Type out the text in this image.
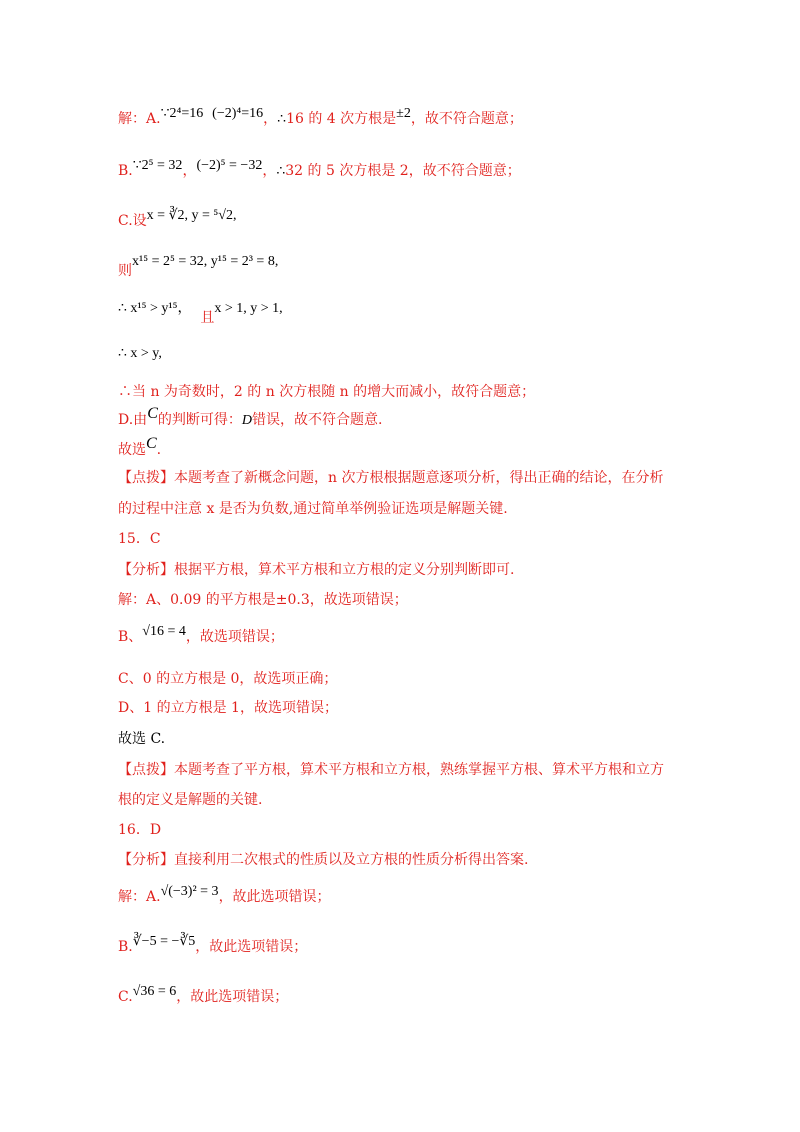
解：A.∵2⁴=16 (−2)⁴=16，∴16 的 4 次方根是±2，故不符合题意；
B.∵2⁵ = 32，(−2)⁵ = −32，∴32 的 5 次方根是 2，故不符合题意；
C.设x = ∛2, y = ⁵√2,
则x¹⁵ = 2⁵ = 32, y¹⁵ = 2³ = 8,
∴ x¹⁵ > y¹⁵，  且x > 1, y > 1,
∴ x > y,
∴当 n 为奇数时，2 的 n 次方根随 n 的增大而减小，故符合题意；
D.由C的判断可得：D错误，故不符合题意.
故选C.
【点拨】本题考查了新概念问题，n 次方根根据题意逐项分析，得出正确的结论，在分析
的过程中注意 x 是否为负数,通过简单举例验证选项是解题关键.
15．C
【分析】根据平方根，算术平方根和立方根的定义分别判断即可.
解：A、0.09 的平方根是±0.3，故选项错误；
B、√16 = 4，故选项错误；
C、0 的立方根是 0，故选项正确；
D、1 的立方根是 1，故选项错误；
故选 C.
【点拨】本题考查了平方根，算术平方根和立方根，熟练掌握平方根、算术平方根和立方
根的定义是解题的关键.
16．D
【分析】直接利用二次根式的性质以及立方根的性质分析得出答案.
解：A.√(−3)² = 3，故此选项错误；
B.∛−5 = −∛5，故此选项错误；
C.√36 = 6，故此选项错误；
